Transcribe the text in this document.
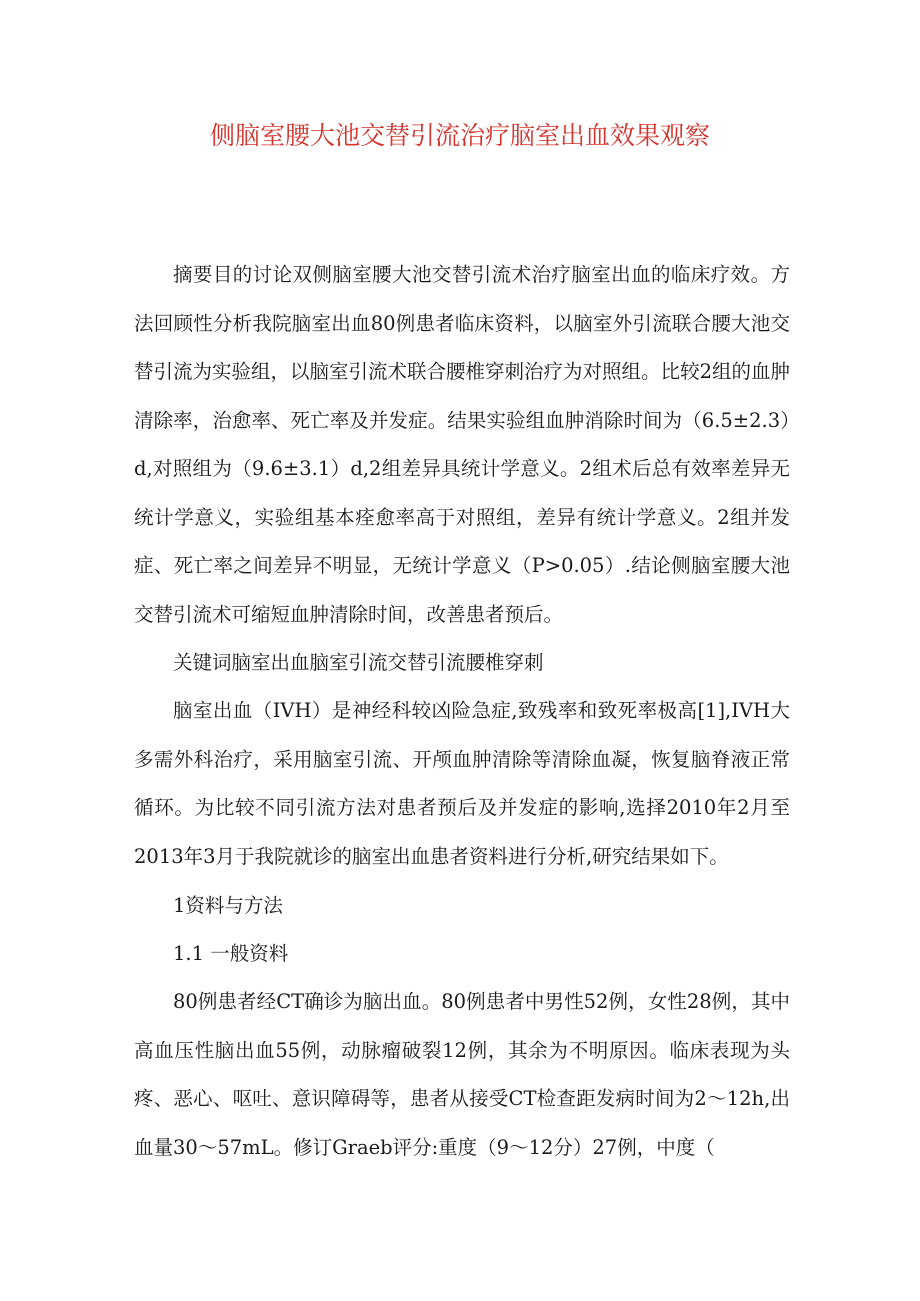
侧脑室腰大池交替引流治疗脑室出血效果观察

摘要目的讨论双侧脑室腰大池交替引流术治疗脑室出血的临床疗效。方法回顾性分析我院脑室出血80例患者临床资料，以脑室外引流联合腰大池交替引流为实验组，以脑室引流术联合腰椎穿刺治疗为对照组。比较2组的血肿清除率，治愈率、死亡率及并发症。结果实验组血肿消除时间为（6.5±2.3）d,对照组为（9.6±3.1）d,2组差异具统计学意义。2组术后总有效率差异无统计学意义，实验组基本痊愈率高于对照组，差异有统计学意义。2组并发症、死亡率之间差异不明显，无统计学意义（P>0.05）.结论侧脑室腰大池交替引流术可缩短血肿清除时间，改善患者预后。

关键词脑室出血脑室引流交替引流腰椎穿刺

脑室出血（IVH）是神经科较凶险急症,致残率和致死率极高[1],IVH大多需外科治疗，采用脑室引流、开颅血肿清除等清除血凝，恢复脑脊液正常循环。为比较不同引流方法对患者预后及并发症的影响,选择2010年2月至2013年3月于我院就诊的脑室出血患者资料进行分析,研究结果如下。

1资料与方法

1.1 一般资料

80例患者经CT确诊为脑出血。80例患者中男性52例，女性28例，其中高血压性脑出血55例，动脉瘤破裂12例，其余为不明原因。临床表现为头疼、恶心、呕吐、意识障碍等，患者从接受CT检查距发病时间为2～12h,出血量30～57mL。修订Graeb评分:重度（9～12分）27例，中度（
